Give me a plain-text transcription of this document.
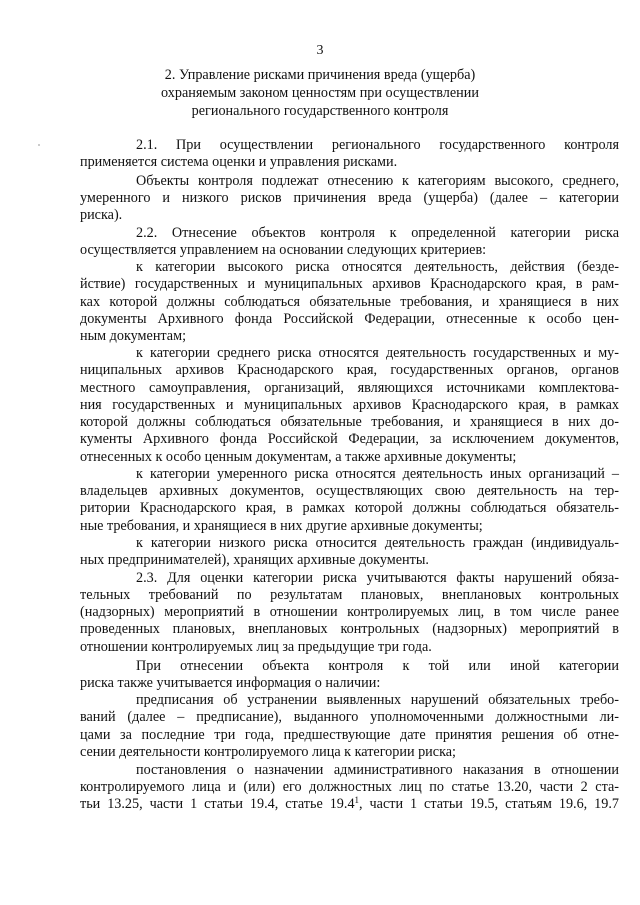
3
2. Управление рисками причинения вреда (ущерба)
охраняемым законом ценностям при осуществлении
регионального государственного контроля
2.1. При осуществлении регионального государственного контроля
применяется система оценки и управления рисками.
Объекты контроля подлежат отнесению к категориям высокого, среднего,
умеренного и низкого рисков причинения вреда (ущерба) (далее – категории
риска).
2.2. Отнесение объектов контроля к определенной категории риска
осуществляется управлением на основании следующих критериев:
к категории высокого риска относятся деятельность, действия (безде-
йствие) государственных и муниципальных архивов Краснодарского края, в рам-
ках которой должны соблюдаться обязательные требования, и хранящиеся в них
документы Архивного фонда Российской Федерации, отнесенные к особо цен-
ным документам;
к категории среднего риска относятся деятельность государственных и му-
ниципальных архивов Краснодарского края, государственных органов, органов
местного самоуправления, организаций, являющихся источниками комплектова-
ния государственных и муниципальных архивов Краснодарского края, в рамках
которой должны соблюдаться обязательные требования, и хранящиеся в них до-
кументы Архивного фонда Российской Федерации, за исключением документов,
отнесенных к особо ценным документам, а также архивные документы;
к категории умеренного риска относятся деятельность иных организаций –
владельцев архивных документов, осуществляющих свою деятельность на тер-
ритории Краснодарского края, в рамках которой должны соблюдаться обязатель-
ные требования, и хранящиеся в них другие архивные документы;
к категории низкого риска относится деятельность граждан (индивидуаль-
ных предпринимателей), хранящих архивные документы.
2.3. Для оценки категории риска учитываются факты нарушений обяза-
тельных требований по результатам плановых, внеплановых контрольных
(надзорных) мероприятий в отношении контролируемых лиц, в том числе ранее
проведенных плановых, внеплановых контрольных (надзорных) мероприятий в
отношении контролируемых лиц за предыдущие три года.
При отнесении объекта контроля к той или иной категории
риска также учитывается информация о наличии:
предписания об устранении выявленных нарушений обязательных требо-
ваний (далее – предписание), выданного уполномоченными должностными ли-
цами за последние три года, предшествующие дате принятия решения об отне-
сении деятельности контролируемого лица к категории риска;
постановления о назначении административного наказания в отношении
контролируемого лица и (или) его должностных лиц по статье 13.20, части 2 ста-
тьи 13.25, части 1 статьи 19.4, статье 19.4$^1$, части 1 статьи 19.5, статьям 19.6, 19.7
